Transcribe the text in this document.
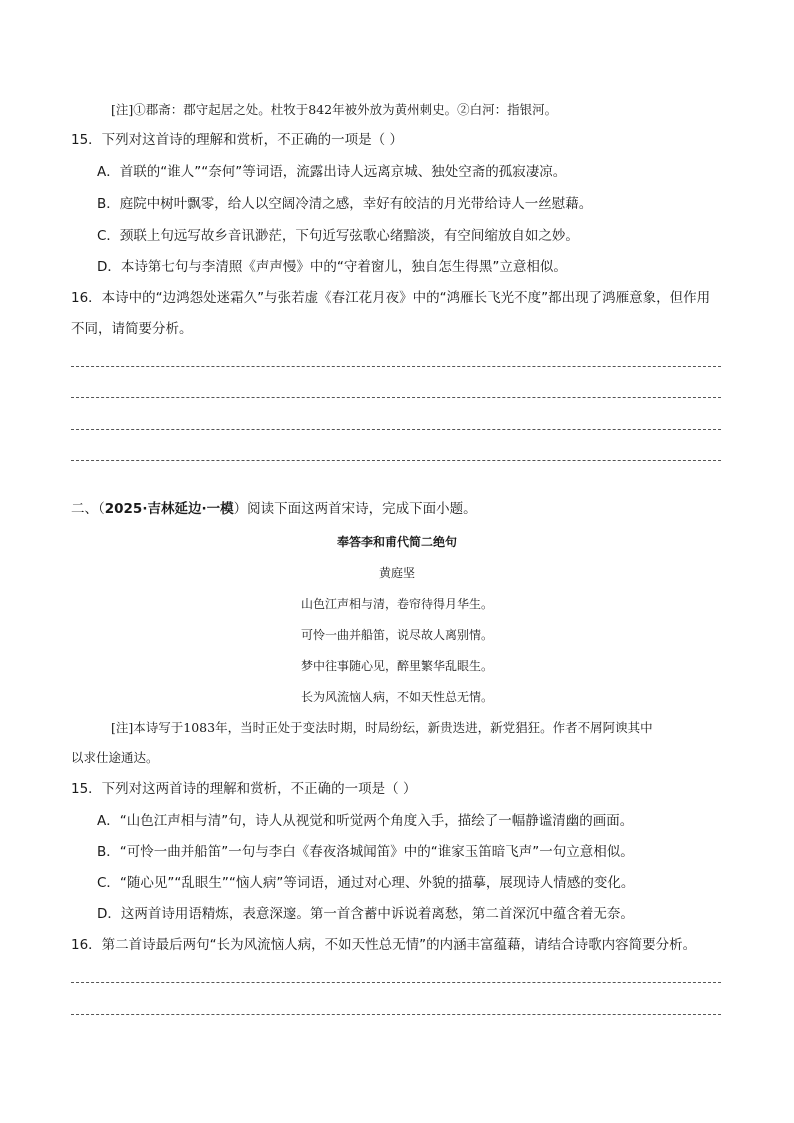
[注]①郡斋：郡守起居之处。杜牧于842年被外放为黄州刺史。②白河：指银河。
15．下列对这首诗的理解和赏析，不正确的一项是（ ）
A．首联的“谁人”“奈何”等词语，流露出诗人远离京城、独处空斋的孤寂凄凉。
B．庭院中树叶飘零，给人以空阔冷清之感，幸好有皎洁的月光带给诗人一丝慰藉。
C．颈联上句远写故乡音讯渺茫，下句近写弦歌心绪黯淡，有空间缩放自如之妙。
D．本诗第七句与李清照《声声慢》中的“守着窗儿，独自怎生得黑”立意相似。
16．本诗中的“边鸿怨处迷霜久”与张若虚《春江花月夜》中的“鸿雁长飞光不度”都出现了鸿雁意象，但作用
不同，请简要分析。
二、（2025·吉林延边·一模）阅读下面这两首宋诗，完成下面小题。
奉答李和甫代简二绝句
黄庭坚
山色江声相与清，卷帘待得月华生。
可怜一曲并船笛，说尽故人离别情。
梦中往事随心见，醉里繁华乱眼生。
长为风流恼人病，不如天性总无情。
[注]本诗写于1083年，当时正处于变法时期，时局纷纭，新贵迭进，新党猖狂。作者不屑阿谀其中
以求仕途通达。
15．下列对这两首诗的理解和赏析，不正确的一项是（ ）
A．“山色江声相与清”句，诗人从视觉和听觉两个角度入手，描绘了一幅静谧清幽的画面。
B．“可怜一曲并船笛”一句与李白《春夜洛城闻笛》中的“谁家玉笛暗飞声”一句立意相似。
C．“随心见”“乱眼生”“恼人病”等词语，通过对心理、外貌的描摹，展现诗人情感的变化。
D．这两首诗用语精炼，表意深邃。第一首含蓄中诉说着离愁，第二首深沉中蕴含着无奈。
16．第二首诗最后两句“长为风流恼人病，不如天性总无情”的内涵丰富蕴藉，请结合诗歌内容简要分析。
